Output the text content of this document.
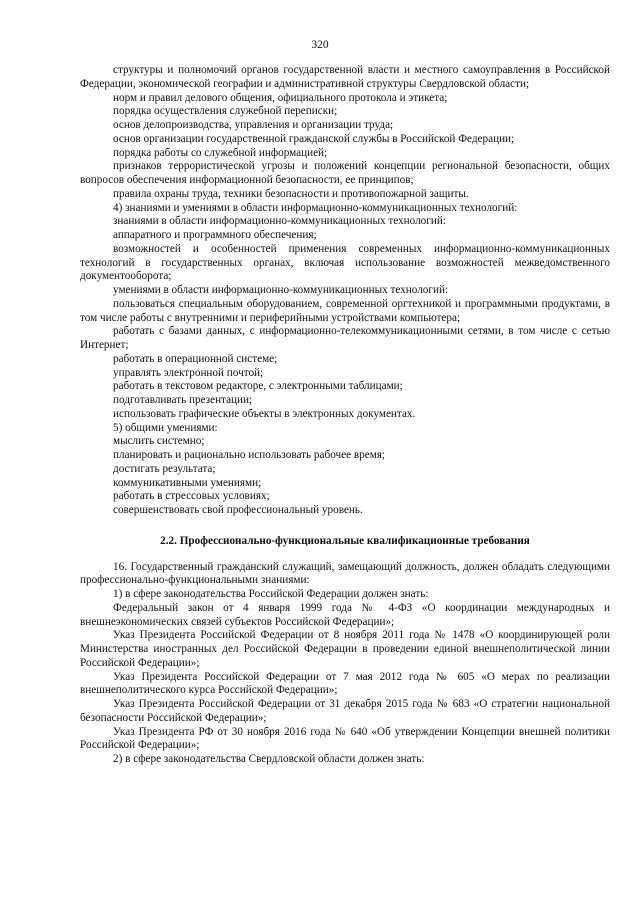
320

структуры и полномочий органов государственной власти и местного самоуправления в Российской Федерации, экономической географии и административной структуры Свердловской области;

норм и правил делового общения, официального протокола и этикета;

порядка осуществления служебной переписки;

основ делопроизводства, управления и организации труда;

основ организации государственной гражданской службы в Российской Федерации;

порядка работы со служебной информацией;

признаков террористической угрозы и положений концепции региональной безопасности, общих вопросов обеспечения информационной безопасности, ее принципов;

правила охраны труда, техники безопасности и противопожарной защиты.

4) знаниями и умениями в области информационно-коммуникационных технологий:

знаниями в области информационно-коммуникационных технологий:

аппаратного и программного обеспечения;

возможностей и особенностей применения современных информационно-коммуникационных технологий в государственных органах, включая использование возможностей межведомственного документооборота;

умениями в области информационно-коммуникационных технологий:

пользоваться специальным оборудованием, современной оргтехникой и программными продуктами, в том числе работы с внутренними и периферийными устройствами компьютера;

работать с базами данных, с информационно-телекоммуникационными сетями, в том числе с сетью Интернет;

работать в операционной системе;

управлять электронной почтой;

работать в текстовом редакторе, с электронными таблицами;

подготавливать презентации;

использовать графические объекты в электронных документах.

5) общими умениями:

мыслить системно;

планировать и рационально использовать рабочее время;

достигать результата;

коммуникативными умениями;

работать в стрессовых условиях;

совершенствовать свой профессиональный уровень.

2.2. Профессионально-функциональные квалификационные требования

16. Государственный гражданский служащий, замещающий должность, должен обладать следующими профессионально-функциональными знаниями:

1) в сфере законодательства Российской Федерации должен знать:

Федеральный закон от 4 января 1999 года № 4-ФЗ «О координации международных и внешнеэкономических связей субъектов Российской Федерации»;

Указ Президента Российской Федерации от 8 ноября 2011 года № 1478 «О координирующей роли Министерства иностранных дел Российской Федерации в проведении единой внешнеполитической линии Российской Федерации»;

Указ Президента Российской Федерации от 7 мая 2012 года № 605 «О мерах по реализации внешнеполитического курса Российской Федерации»;

Указ Президента Российской Федерации от 31 декабря 2015 года № 683 «О стратегии национальной безопасности Российской Федерации»;

Указ Президента РФ от 30 ноября 2016 года № 640 «Об утверждении Концепции внешней политики Российской Федерации»;

2) в сфере законодательства Свердловской области должен знать:
